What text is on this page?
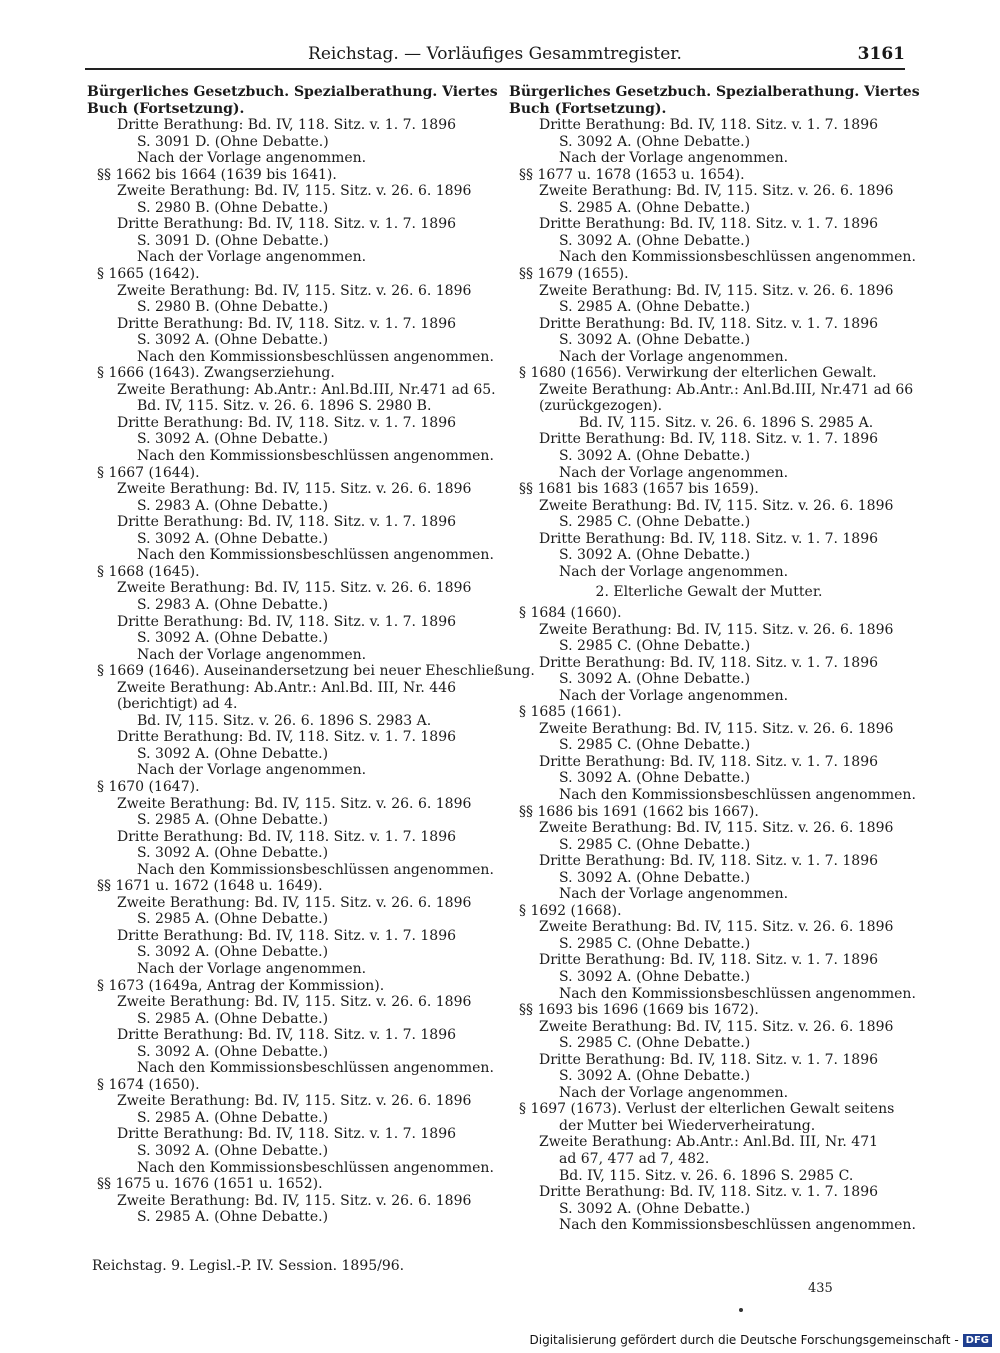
Reichstag. — Vorläufiges Gesammtregister.	3161
Bürgerliches Gesetzbuch. Spezialberathung. Viertes
Buch (Fortsetzung).
Dritte Berathung: Bd. IV, 118. Sitz. v. 1. 7. 1896
S. 3091 D. (Ohne Debatte.)
Nach der Vorlage angenommen.
§§ 1662 bis 1664 (1639 bis 1641).
Zweite Berathung: Bd. IV, 115. Sitz. v. 26. 6. 1896
S. 2980 B. (Ohne Debatte.)
Dritte Berathung: Bd. IV, 118. Sitz. v. 1. 7. 1896
S. 3091 D. (Ohne Debatte.)
Nach der Vorlage angenommen.
§ 1665 (1642).
Zweite Berathung: Bd. IV, 115. Sitz. v. 26. 6. 1896
S. 2980 B. (Ohne Debatte.)
Dritte Berathung: Bd. IV, 118. Sitz. v. 1. 7. 1896
S. 3092 A. (Ohne Debatte.)
Nach den Kommissionsbeschlüssen angenommen.
§ 1666 (1643). Zwangserziehung.
Zweite Berathung: Ab.Antr.: Anl.Bd.III, Nr.471 ad 65.
Bd. IV, 115. Sitz. v. 26. 6. 1896 S. 2980 B.
Dritte Berathung: Bd. IV, 118. Sitz. v. 1. 7. 1896
S. 3092 A. (Ohne Debatte.)
Nach den Kommissionsbeschlüssen angenommen.
§ 1667 (1644).
Zweite Berathung: Bd. IV, 115. Sitz. v. 26. 6. 1896
S. 2983 A. (Ohne Debatte.)
Dritte Berathung: Bd. IV, 118. Sitz. v. 1. 7. 1896
S. 3092 A. (Ohne Debatte.)
Nach den Kommissionsbeschlüssen angenommen.
§ 1668 (1645).
Zweite Berathung: Bd. IV, 115. Sitz. v. 26. 6. 1896
S. 2983 A. (Ohne Debatte.)
Dritte Berathung: Bd. IV, 118. Sitz. v. 1. 7. 1896
S. 3092 A. (Ohne Debatte.)
Nach der Vorlage angenommen.
§ 1669 (1646). Auseinandersetzung bei neuer Eheschließung.
Zweite Berathung: Ab.Antr.: Anl.Bd. III, Nr. 446
(berichtigt) ad 4.
Bd. IV, 115. Sitz. v. 26. 6. 1896 S. 2983 A.
Dritte Berathung: Bd. IV, 118. Sitz. v. 1. 7. 1896
S. 3092 A. (Ohne Debatte.)
Nach der Vorlage angenommen.
§ 1670 (1647).
Zweite Berathung: Bd. IV, 115. Sitz. v. 26. 6. 1896
S. 2985 A. (Ohne Debatte.)
Dritte Berathung: Bd. IV, 118. Sitz. v. 1. 7. 1896
S. 3092 A. (Ohne Debatte.)
Nach den Kommissionsbeschlüssen angenommen.
§§ 1671 u. 1672 (1648 u. 1649).
Zweite Berathung: Bd. IV, 115. Sitz. v. 26. 6. 1896
S. 2985 A. (Ohne Debatte.)
Dritte Berathung: Bd. IV, 118. Sitz. v. 1. 7. 1896
S. 3092 A. (Ohne Debatte.)
Nach der Vorlage angenommen.
§ 1673 (1649a, Antrag der Kommission).
Zweite Berathung: Bd. IV, 115. Sitz. v. 26. 6. 1896
S. 2985 A. (Ohne Debatte.)
Dritte Berathung: Bd. IV, 118. Sitz. v. 1. 7. 1896
S. 3092 A. (Ohne Debatte.)
Nach den Kommissionsbeschlüssen angenommen.
§ 1674 (1650).
Zweite Berathung: Bd. IV, 115. Sitz. v. 26. 6. 1896
S. 2985 A. (Ohne Debatte.)
Dritte Berathung: Bd. IV, 118. Sitz. v. 1. 7. 1896
S. 3092 A. (Ohne Debatte.)
Nach den Kommissionsbeschlüssen angenommen.
§§ 1675 u. 1676 (1651 u. 1652).
Zweite Berathung: Bd. IV, 115. Sitz. v. 26. 6. 1896
S. 2985 A. (Ohne Debatte.)
Bürgerliches Gesetzbuch. Spezialberathung. Viertes
Buch (Fortsetzung).
Dritte Berathung: Bd. IV, 118. Sitz. v. 1. 7. 1896
S. 3092 A. (Ohne Debatte.)
Nach der Vorlage angenommen.
§§ 1677 u. 1678 (1653 u. 1654).
Zweite Berathung: Bd. IV, 115. Sitz. v. 26. 6. 1896
S. 2985 A. (Ohne Debatte.)
Dritte Berathung: Bd. IV, 118. Sitz. v. 1. 7. 1896
S. 3092 A. (Ohne Debatte.)
Nach den Kommissionsbeschlüssen angenommen.
§§ 1679 (1655).
Zweite Berathung: Bd. IV, 115. Sitz. v. 26. 6. 1896
S. 2985 A. (Ohne Debatte.)
Dritte Berathung: Bd. IV, 118. Sitz. v. 1. 7. 1896
S. 3092 A. (Ohne Debatte.)
Nach der Vorlage angenommen.
§ 1680 (1656). Verwirkung der elterlichen Gewalt.
Zweite Berathung: Ab.Antr.: Anl.Bd.III, Nr.471 ad 66
(zurückgezogen).
Bd. IV, 115. Sitz. v. 26. 6. 1896 S. 2985 A.
Dritte Berathung: Bd. IV, 118. Sitz. v. 1. 7. 1896
S. 3092 A. (Ohne Debatte.)
Nach der Vorlage angenommen.
§§ 1681 bis 1683 (1657 bis 1659).
Zweite Berathung: Bd. IV, 115. Sitz. v. 26. 6. 1896
S. 2985 C. (Ohne Debatte.)
Dritte Berathung: Bd. IV, 118. Sitz. v. 1. 7. 1896
S. 3092 A. (Ohne Debatte.)
Nach der Vorlage angenommen.
2. Elterliche Gewalt der Mutter.
§ 1684 (1660).
Zweite Berathung: Bd. IV, 115. Sitz. v. 26. 6. 1896
S. 2985 C. (Ohne Debatte.)
Dritte Berathung: Bd. IV, 118. Sitz. v. 1. 7. 1896
S. 3092 A. (Ohne Debatte.)
Nach der Vorlage angenommen.
§ 1685 (1661).
Zweite Berathung: Bd. IV, 115. Sitz. v. 26. 6. 1896
S. 2985 C. (Ohne Debatte.)
Dritte Berathung: Bd. IV, 118. Sitz. v. 1. 7. 1896
S. 3092 A. (Ohne Debatte.)
Nach den Kommissionsbeschlüssen angenommen.
§§ 1686 bis 1691 (1662 bis 1667).
Zweite Berathung: Bd. IV, 115. Sitz. v. 26. 6. 1896
S. 2985 C. (Ohne Debatte.)
Dritte Berathung: Bd. IV, 118. Sitz. v. 1. 7. 1896
S. 3092 A. (Ohne Debatte.)
Nach der Vorlage angenommen.
§ 1692 (1668).
Zweite Berathung: Bd. IV, 115. Sitz. v. 26. 6. 1896
S. 2985 C. (Ohne Debatte.)
Dritte Berathung: Bd. IV, 118. Sitz. v. 1. 7. 1896
S. 3092 A. (Ohne Debatte.)
Nach den Kommissionsbeschlüssen angenommen.
§§ 1693 bis 1696 (1669 bis 1672).
Zweite Berathung: Bd. IV, 115. Sitz. v. 26. 6. 1896
S. 2985 C. (Ohne Debatte.)
Dritte Berathung: Bd. IV, 118. Sitz. v. 1. 7. 1896
S. 3092 A. (Ohne Debatte.)
Nach der Vorlage angenommen.
§ 1697 (1673). Verlust der elterlichen Gewalt seitens
der Mutter bei Wiederverheiratung.
Zweite Berathung: Ab.Antr.: Anl.Bd. III, Nr. 471
ad 67, 477 ad 7, 482.
Bd. IV, 115. Sitz. v. 26. 6. 1896 S. 2985 C.
Dritte Berathung: Bd. IV, 118. Sitz. v. 1. 7. 1896
S. 3092 A. (Ohne Debatte.)
Nach den Kommissionsbeschlüssen angenommen.
Reichstag. 9. Legisl.-P. IV. Session. 1895/96.
435
Digitalisierung gefördert durch die Deutsche Forschungsgemeinschaft - DFG
